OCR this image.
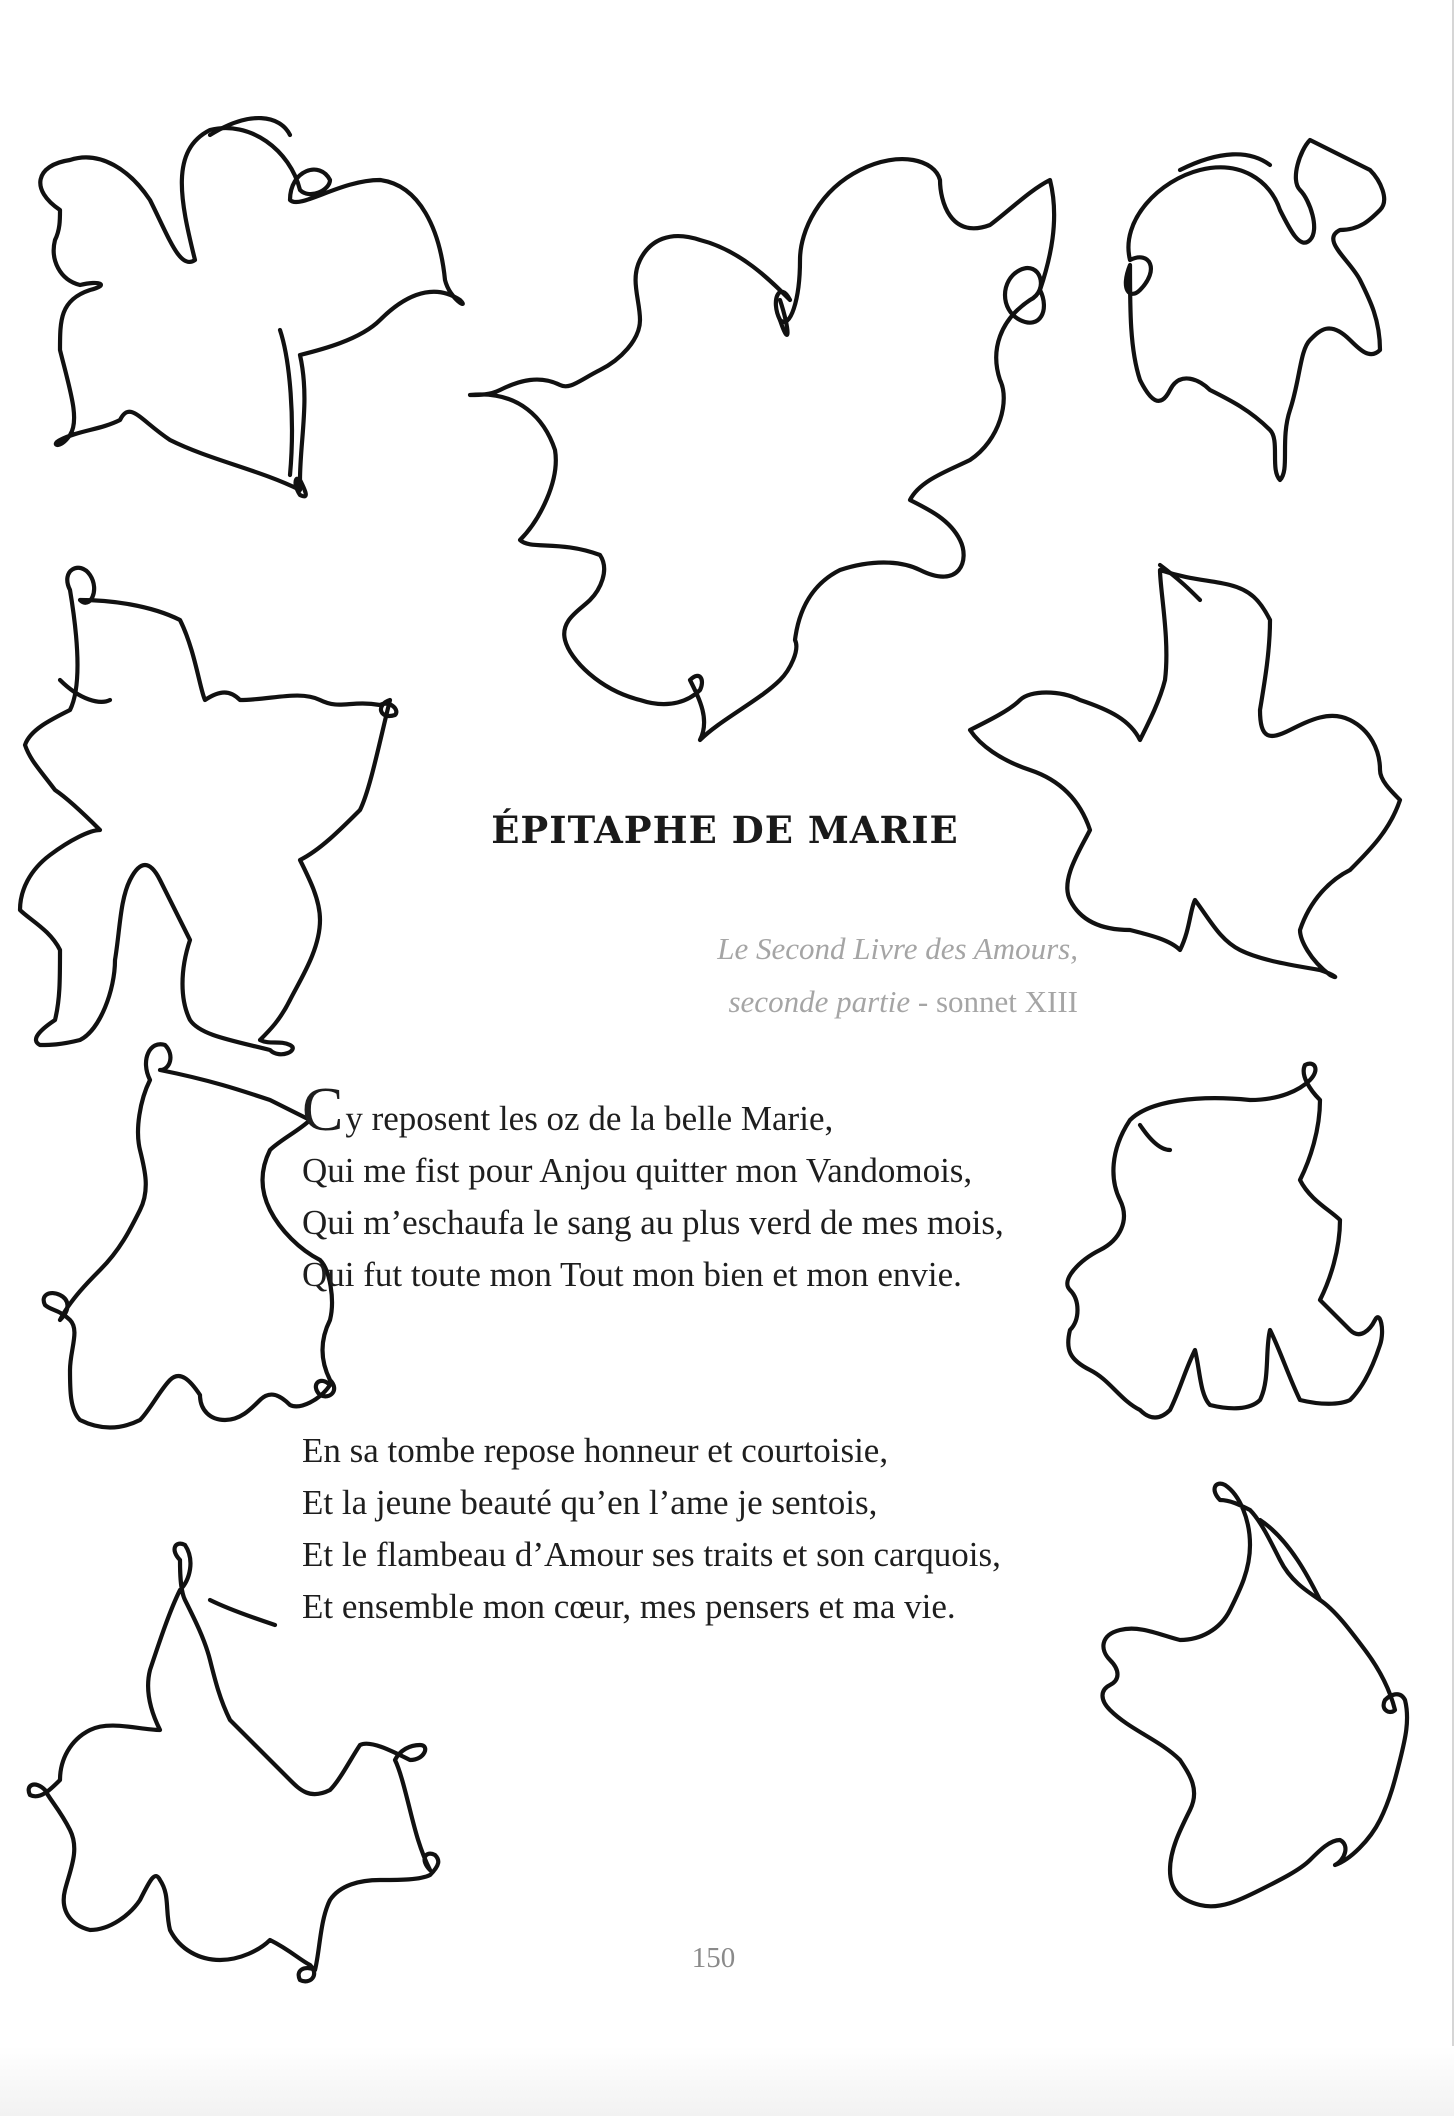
ÉPITAPHE DE MARIE
Le Second Livre des Amours,
seconde partie - sonnet XIII
Cy reposent les oz de la belle Marie,
Qui me fist pour Anjou quitter mon Vandomois,
Qui m’eschaufa le sang au plus verd de mes mois,
Qui fut toute mon Tout mon bien et mon envie.
En sa tombe repose honneur et courtoisie,
Et la jeune beauté qu’en l’ame je sentois,
Et le flambeau d’Amour ses traits et son carquois,
Et ensemble mon cœur, mes pensers et ma vie.
150
